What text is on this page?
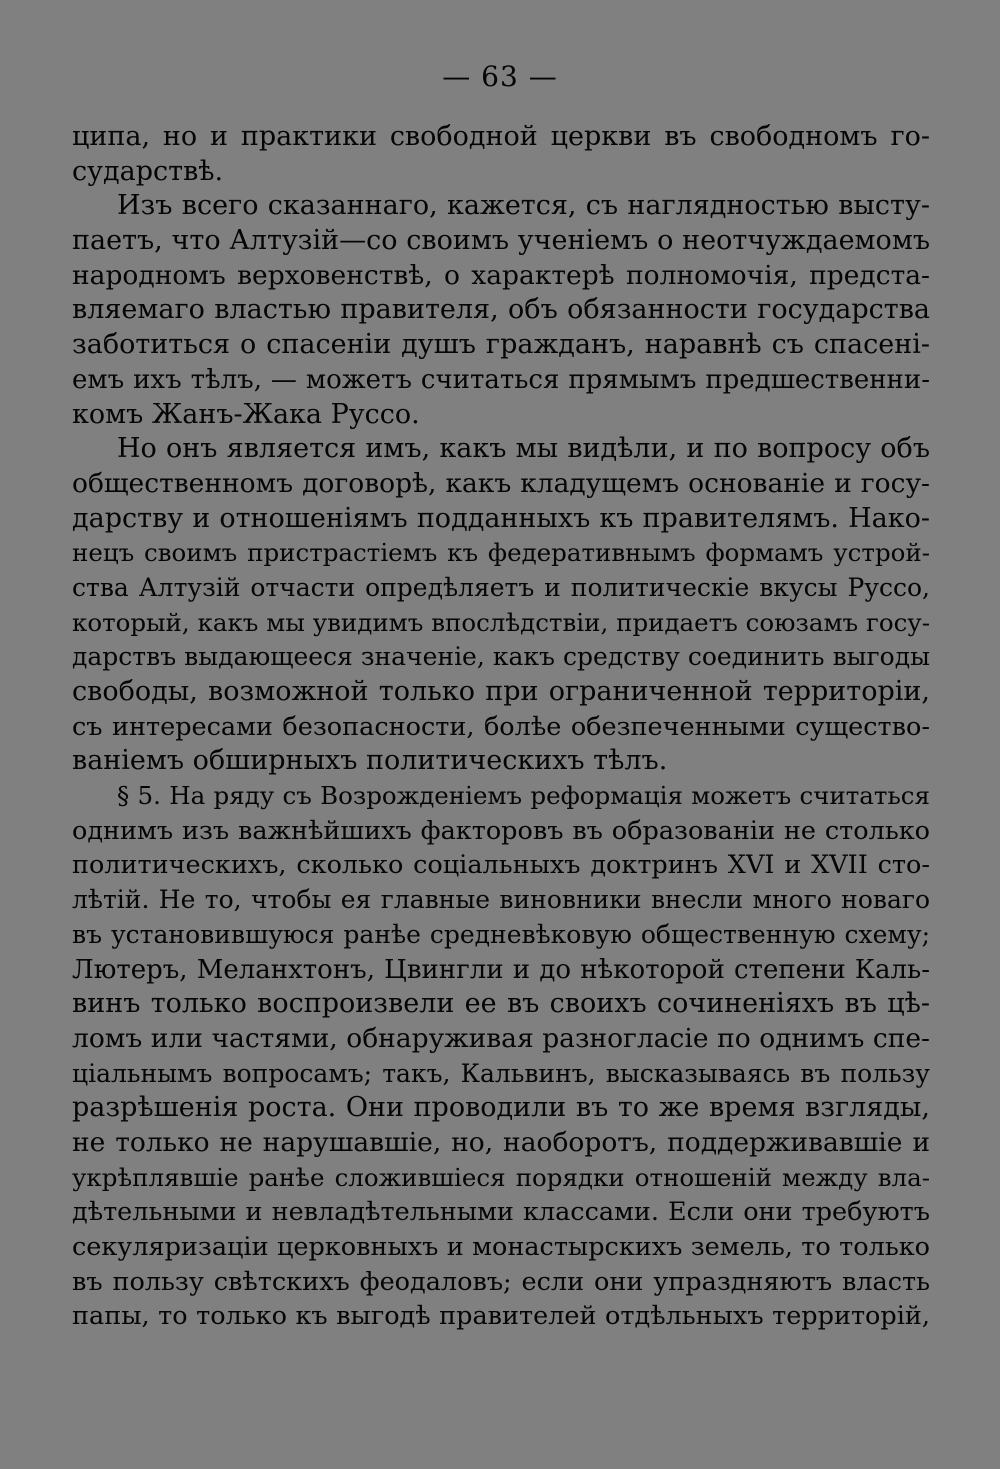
— 63 —
ципа, но и практики свободной церкви въ свободномъ го-
сударствѣ.
Изъ всего сказаннаго, кажется, съ наглядностью высту-
паетъ, что Алтузій—со своимъ ученіемъ о неотчуждаемомъ
народномъ верховенствѣ, о характерѣ полномочія, предста-
вляемаго властью правителя, объ обязанности государства
заботиться о спасеніи душъ гражданъ, наравнѣ съ спасені-
емъ ихъ тѣлъ, — можетъ считаться прямымъ предшественни-
комъ Жанъ-Жака Руссо.
Но онъ является имъ, какъ мы видѣли, и по вопросу объ
общественномъ договорѣ, какъ кладущемъ основаніе и госу-
дарству и отношеніямъ подданныхъ къ правителямъ. Нако-
нецъ своимъ пристрастіемъ къ федеративнымъ формамъ устрой-
ства Алтузій отчасти опредѣляетъ и политическіе вкусы Руссо,
который, какъ мы увидимъ впослѣдствіи, придаетъ союзамъ госу-
дарствъ выдающееся значеніе, какъ средству соединить выгоды
свободы, возможной только при ограниченной территоріи,
съ интересами безопасности, болѣе обезпеченными существо-
ваніемъ обширныхъ политическихъ тѣлъ.
§ 5. На ряду съ Возрожденіемъ реформація можетъ считаться
однимъ изъ важнѣйшихъ факторовъ въ образованіи не столько
политическихъ, сколько соціальныхъ доктринъ XVI и XVII сто-
лѣтій. Не то, чтобы ея главные виновники внесли много новаго
въ установившуюся ранѣе средневѣковую общественную схему;
Лютеръ, Меланхтонъ, Цвингли и до нѣкоторой степени Каль-
винъ только воспроизвели ее въ своихъ сочиненіяхъ въ цѣ-
ломъ или частями, обнаруживая разногласіе по однимъ спе-
ціальнымъ вопросамъ; такъ, Кальвинъ, высказываясь въ пользу
разрѣшенія роста. Они проводили въ то же время взгляды,
не только не нарушавшіе, но, наоборотъ, поддерживавшіе и
укрѣплявшіе ранѣе сложившіеся порядки отношеній между вла-
дѣтельными и невладѣтельными классами. Если они требуютъ
секуляризаціи церковныхъ и монастырскихъ земель, то только
въ пользу свѣтскихъ феодаловъ; если они упраздняютъ власть
папы, то только къ выгодѣ правителей отдѣльныхъ территорій,
